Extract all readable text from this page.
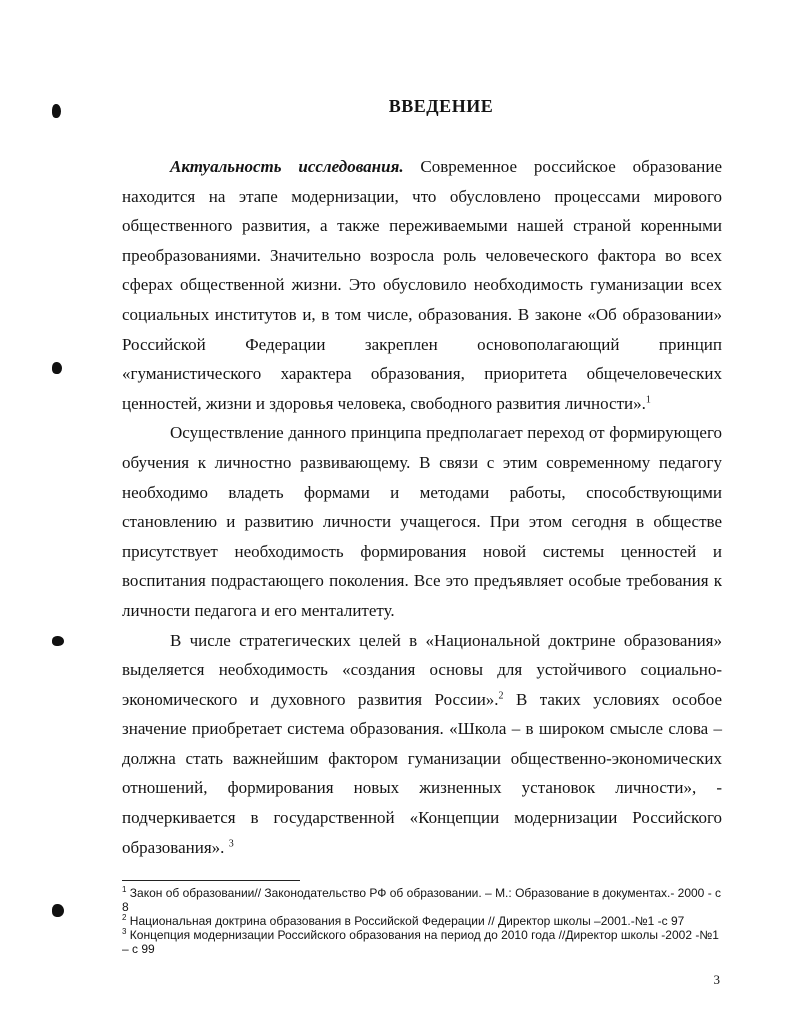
ВВЕДЕНИЕ

Актуальность исследования. Современное российское образование находится на этапе модернизации, что обусловлено процессами мирового общественного развития, а также переживаемыми нашей страной коренными преобразованиями. Значительно возросла роль человеческого фактора во всех сферах общественной жизни. Это обусловило необходимость гуманизации всех социальных институтов и, в том числе, образования. В законе «Об образовании» Российской Федерации закреплен основополагающий принцип «гуманистического характера образования, приоритета общечеловеческих ценностей, жизни и здоровья человека, свободного развития личности».$^1$

Осуществление данного принципа предполагает переход от формирующего обучения к личностно развивающему. В связи с этим современному педагогу необходимо владеть формами и методами работы, способствующими становлению и развитию личности учащегося. При этом сегодня в обществе присутствует необходимость формирования новой системы ценностей и воспитания подрастающего поколения. Все это предъявляет особые требования к личности педагога и его менталитету.

В числе стратегических целей в «Национальной доктрине образования» выделяется необходимость «создания основы для устойчивого социально-экономического и духовного развития России».$^2$ В таких условиях особое значение приобретает система образования. «Школа – в широком смысле слова – должна стать важнейшим фактором гуманизации общественно-экономических отношений, формирования новых жизненных установок личности», - подчеркивается в государственной «Концепции модернизации Российского образования». $^3$

$^1$ Закон об образовании// Законодательство РФ об образовании. – М.: Образование в документах.- 2000 - с 8
$^2$ Национальная доктрина образования в Российской Федерации // Директор школы –2001.-№1 -с 97
$^3$ Концепция модернизации Российского образования на период до 2010 года //Директор школы -2002 -№1 – с 99
3
